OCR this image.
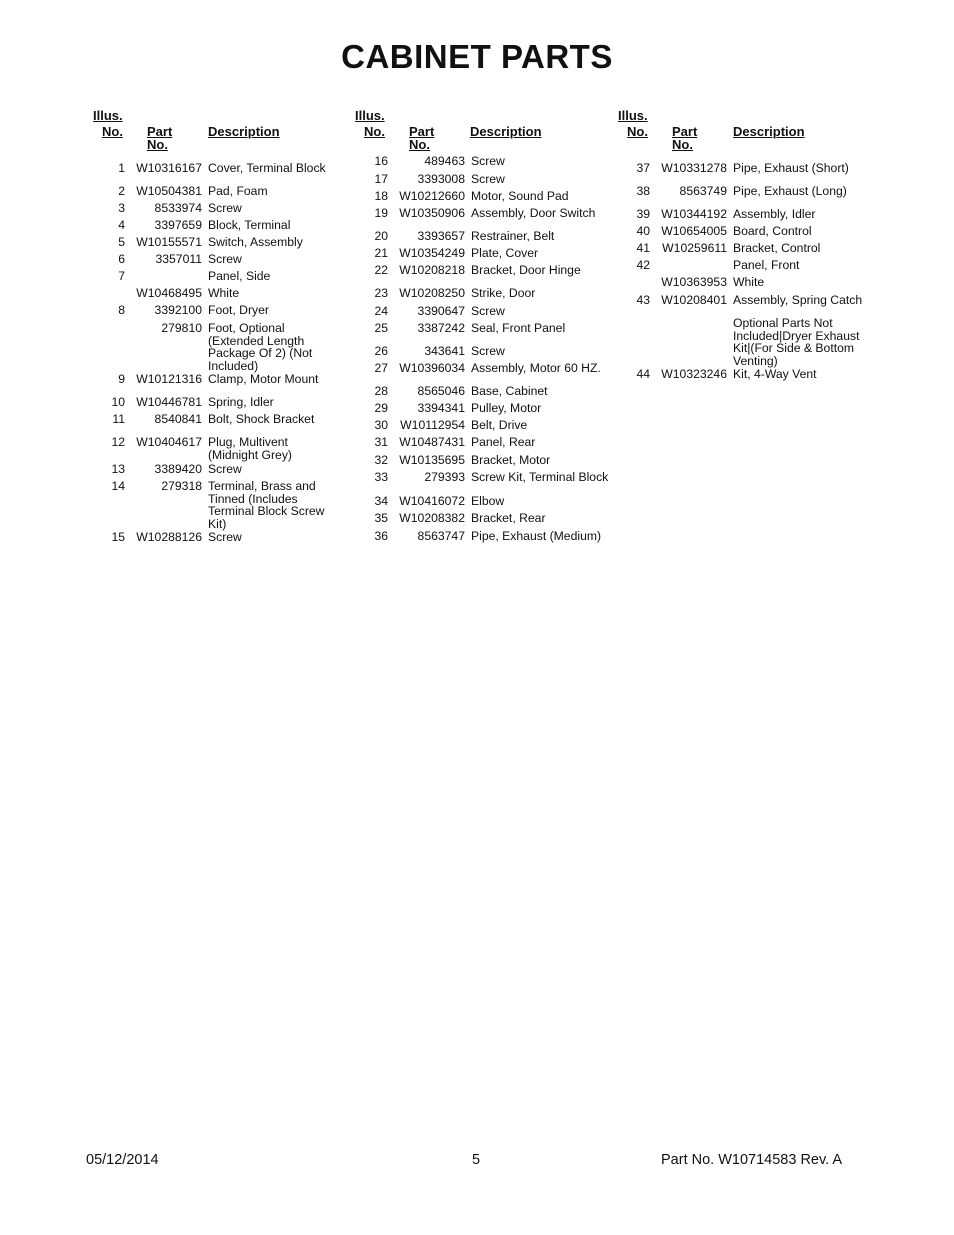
CABINET PARTS
Illus.
No. Part No.
Description
1 W10316167 Cover, Terminal Block
2 W10504381 Pad, Foam
3	8533974 Screw
4	3397659 Block, Terminal
5 W10155571 Switch, Assembly
6	3357011 Screw
7	Panel, Side
W10468495 White
8	3392100 Foot, Dryer
279810 Foot, Optional (Extended Length Package Of 2) (Not Included)
9 W10121316 Clamp, Motor Mount
10 W10446781 Spring, Idler
11	8540841 Bolt, Shock Bracket
12 W10404617 Plug, Multivent (Midnight Grey)
13	3389420 Screw
14	279318 Terminal, Brass and Tinned (Includes Terminal Block Screw Kit)
15 W10288126 Screw
Illus.
No. Part No.
Description
16	489463 Screw
17	3393008 Screw
18 W10212660 Motor, Sound Pad
19 W10350906 Assembly, Door Switch
20	3393657 Restrainer, Belt
21 W10354249 Plate, Cover
22 W10208218 Bracket, Door Hinge
23 W10208250 Strike, Door
24	3390647 Screw
25	3387242 Seal, Front Panel
26	343641 Screw
27 W10396034 Assembly, Motor 60 HZ.
28	8565046 Base, Cabinet
29	3394341 Pulley, Motor
30 W10112954 Belt, Drive
31 W10487431 Panel, Rear
32 W10135695 Bracket, Motor
33	279393 Screw Kit, Terminal Block
34 W10416072 Elbow
35 W10208382 Bracket, Rear
36	8563747 Pipe, Exhaust (Medium)
Illus.
No. Part No.
Description
37 W10331278 Pipe, Exhaust (Short)
38	8563749 Pipe, Exhaust (Long)
39 W10344192 Assembly, Idler
40 W10654005 Board, Control
41 W10259611 Bracket, Control
42	Panel, Front
W10363953 White
43 W10208401 Assembly, Spring Catch
Optional Parts Not Included|Dryer Exhaust Kit|(For Side & Bottom Venting)
44 W10323246 Kit, 4-Way Vent
05/12/2014	5	Part No. W10714583 Rev. A
